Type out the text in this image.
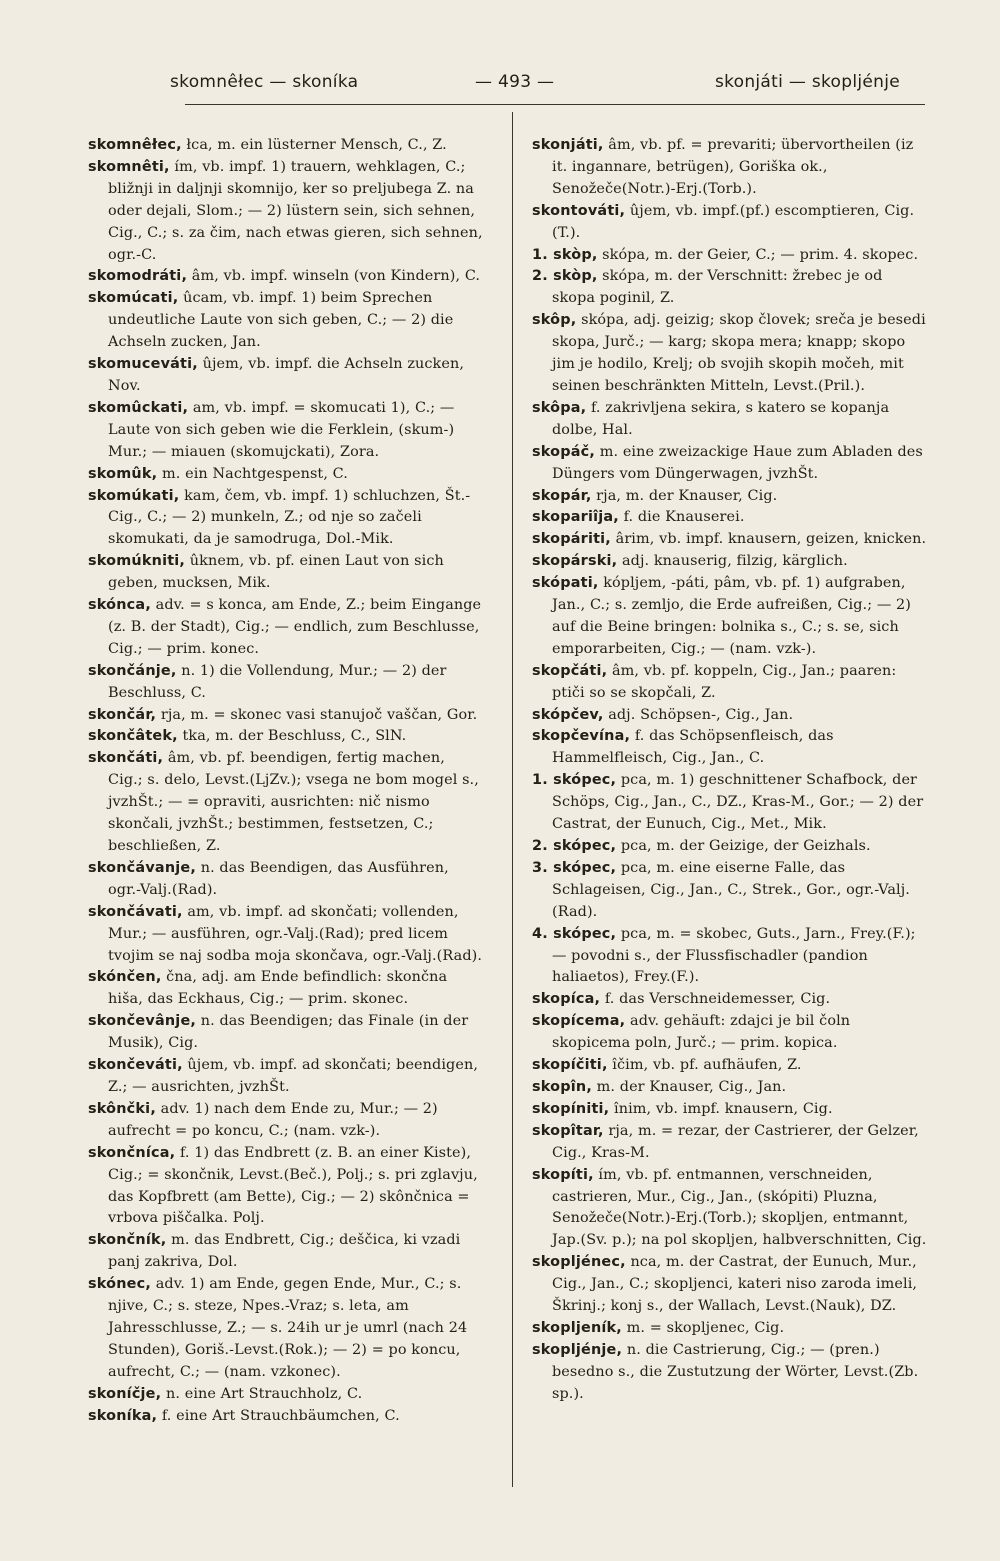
skomnêłec — skoníka	— 493 —	skonjáti — skopljénje

skomnêłec, łca, m. ein lüsterner Mensch, C., Z.

skomnêti, ím, vb. impf. 1) trauern, wehklagen, C.; bližnji in daljnji skomnijo, ker so preljubega Z. na oder dejali, Slom.; — 2) lüstern sein, sich sehnen, Cig., C.; s. za čim, nach etwas gieren, sich sehnen, ogr.-C.

skomodráti, âm, vb. impf. winseln (von Kindern), C.

skomúcati, ûcam, vb. impf. 1) beim Sprechen undeutliche Laute von sich geben, C.; — 2) die Achseln zucken, Jan.

skomuceváti, ûjem, vb. impf. die Achseln zucken, Nov.

skomûckati, am, vb. impf. = skomucati 1), C.; — Laute von sich geben wie die Ferklein, (skum-) Mur.; — miauen (skomujckati), Zora.

skomûk, m. ein Nachtgespenst, C.

skomúkati, kam, čem, vb. impf. 1) schluchzen, Št.-Cig., C.; — 2) munkeln, Z.; od nje so začeli skomukati, da je samodruga, Dol.-Mik.

skomúkniti, ûknem, vb. pf. einen Laut von sich geben, mucksen, Mik.

skónca, adv. = s konca, am Ende, Z.; beim Eingange (z. B. der Stadt), Cig.; — endlich, zum Beschlusse, Cig.; — prim. konec.

skončánje, n. 1) die Vollendung, Mur.; — 2) der Beschluss, C.

skončár, rja, m. = skonec vasi stanujoč vaščan, Gor.

skončâtek, tka, m. der Beschluss, C., SlN.

skončáti, âm, vb. pf. beendigen, fertig machen, Cig.; s. delo, Levst.(LjZv.); vsega ne bom mogel s., jvzhŠt.; — = opraviti, ausrichten: nič nismo skončali, jvzhŠt.; bestimmen, festsetzen, C.; beschließen, Z.

skončávanje, n. das Beendigen, das Ausführen, ogr.-Valj.(Rad).

skončávati, am, vb. impf. ad skončati; vollenden, Mur.; — ausführen, ogr.-Valj.(Rad); pred licem tvojim se naj sodba moja skončava, ogr.-Valj.(Rad).

skónčen, čna, adj. am Ende befindlich: skončna hiša, das Eckhaus, Cig.; — prim. skonec.

skončevânje, n. das Beendigen; das Finale (in der Musik), Cig.

skončeváti, ûjem, vb. impf. ad skončati; beendigen, Z.; — ausrichten, jvzhŠt.

skônčki, adv. 1) nach dem Ende zu, Mur.; — 2) aufrecht = po koncu, C.; (nam. vzk-).

skončníca, f. 1) das Endbrett (z. B. an einer Kiste), Cig.; = skončnik, Levst.(Beč.), Polj.; s. pri zglavju, das Kopfbrett (am Bette), Cig.; — 2) skônčnica = vrbova piščalka. Polj.

skončník, m. das Endbrett, Cig.; deščica, ki vzadi panj zakriva, Dol.

skónec, adv. 1) am Ende, gegen Ende, Mur., C.; s. njive, C.; s. steze, Npes.-Vraz; s. leta, am Jahresschlusse, Z.; — s. 24ih ur je umrl (nach 24 Stunden), Goriš.-Levst.(Rok.); — 2) = po koncu, aufrecht, C.; — (nam. vzkonec).

skoníčje, n. eine Art Strauchholz, C.

skoníka, f. eine Art Strauchbäumchen, C.

skonjáti, âm, vb. pf. = prevariti; übervortheilen (iz it. ingannare, betrügen), Goriška ok., Senožeče(Notr.)-Erj.(Torb.).

skontováti, ûjem, vb. impf.(pf.) escomptieren, Cig.(T.).

1. skòp, skópa, m. der Geier, C.; — prim. 4. skopec.

2. skòp, skópa, m. der Verschnitt: žrebec je od skopa poginil, Z.

skôp, skópa, adj. geizig; skop človek; sreča je besedi skopa, Jurč.; — karg; skopa mera; knapp; skopo jim je hodilo, Krelj; ob svojih skopih močeh, mit seinen beschränkten Mitteln, Levst.(Pril.).

skôpa, f. zakrivljena sekira, s katero se kopanja dolbe, Hal.

skopáč, m. eine zweizackige Haue zum Abladen des Düngers vom Düngerwagen, jvzhŠt.

skopár, rja, m. der Knauser, Cig.

skopariîja, f. die Knauserei.

skopáriti, ârim, vb. impf. knausern, geizen, knicken.

skopárski, adj. knauserig, filzig, kärglich.

skópati, kópljem, -páti, pâm, vb. pf. 1) aufgraben, Jan., C.; s. zemljo, die Erde aufreißen, Cig.; — 2) auf die Beine bringen: bolnika s., C.; s. se, sich emporarbeiten, Cig.; — (nam. vzk-).

skopčáti, âm, vb. pf. koppeln, Cig., Jan.; paaren: ptiči so se skopčali, Z.

skópčev, adj. Schöpsen-, Cig., Jan.

skopčevína, f. das Schöpsenfleisch, das Hammelfleisch, Cig., Jan., C.

1. skópec, pca, m. 1) geschnittener Schafbock, der Schöps, Cig., Jan., C., DZ., Kras-M., Gor.; — 2) der Castrat, der Eunuch, Cig., Met., Mik.

2. skópec, pca, m. der Geizige, der Geizhals.

3. skópec, pca, m. eine eiserne Falle, das Schlageisen, Cig., Jan., C., Strek., Gor., ogr.-Valj.(Rad).

4. skópec, pca, m. = skobec, Guts., Jarn., Frey.(F.); — povodni s., der Flussfischadler (pandion haliaetos), Frey.(F.).

skopíca, f. das Verschneidemesser, Cig.

skopícema, adv. gehäuft: zdajci je bil čoln skopicema poln, Jurč.; — prim. kopica.

skopíčiti, îčim, vb. pf. aufhäufen, Z.

skopîn, m. der Knauser, Cig., Jan.

skopíniti, înim, vb. impf. knausern, Cig.

skopîtar, rja, m. = rezar, der Castrierer, der Gelzer, Cig., Kras-M.

skopíti, ím, vb. pf. entmannen, verschneiden, castrieren, Mur., Cig., Jan., (skópiti) Pluzna, Senožeče(Notr.)-Erj.(Torb.); skopljen, entmannt, Jap.(Sv. p.); na pol skopljen, halbverschnitten, Cig.

skopljénec, nca, m. der Castrat, der Eunuch, Mur., Cig., Jan., C.; skopljenci, kateri niso zaroda imeli, Škrinj.; konj s., der Wallach, Levst.(Nauk), DZ.

skopljeník, m. = skopljenec, Cig.

skopljénje, n. die Castrierung, Cig.; — (pren.) besedno s., die Zustutzung der Wörter, Levst.(Zb. sp.).
